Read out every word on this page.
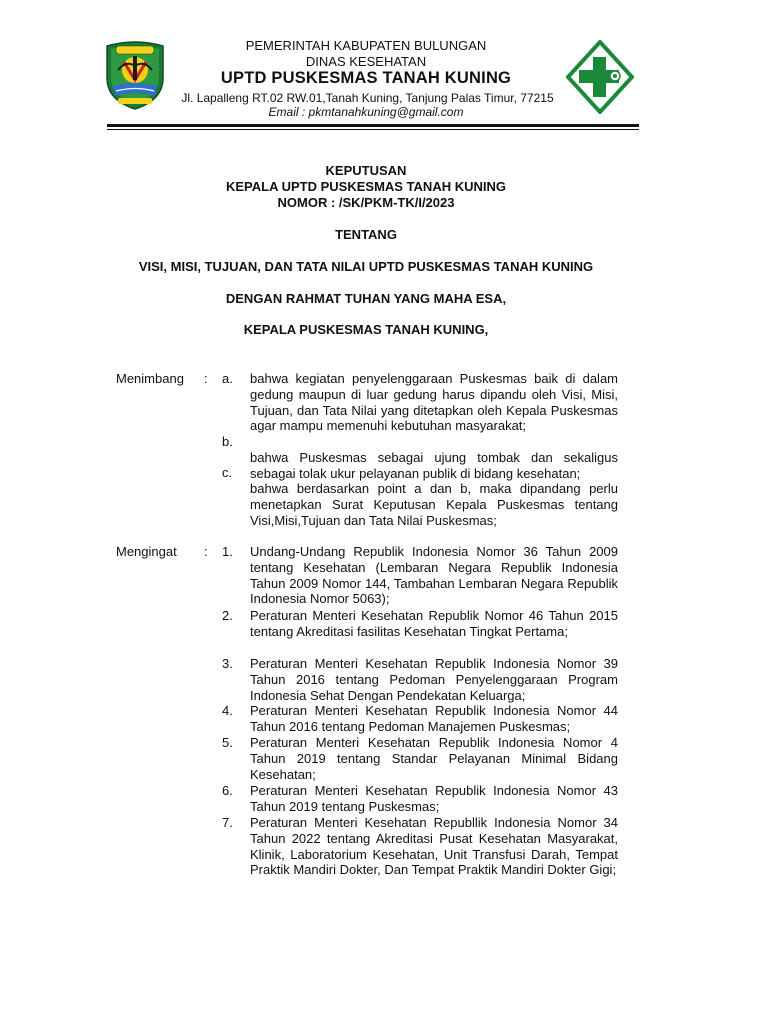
PEMERINTAH KABUPATEN BULUNGAN
DINAS KESEHATAN
UPTD PUSKESMAS TANAH KUNING
Jl. Lapalleng RT.02 RW.01,Tanah Kuning, Tanjung Palas Timur, 77215
Email : pkmtanahkuning@gmail.com
KEPUTUSAN
KEPALA UPTD PUSKESMAS TANAH KUNING
NOMOR : /SK/PKM-TK/I/2023
TENTANG
VISI, MISI, TUJUAN, DAN TATA NILAI UPTD PUSKESMAS TANAH KUNING
DENGAN RAHMAT TUHAN YANG MAHA ESA,
KEPALA PUSKESMAS TANAH KUNING,
Menimbang : a.	bahwa kegiatan penyelenggaraan Puskesmas baik di dalam gedung maupun di luar gedung harus dipandu oleh Visi, Misi, Tujuan, dan Tata Nilai yang ditetapkan oleh Kepala Puskesmas agar mampu memenuhi kebutuhan masyarakat;
b.
bahwa Puskesmas sebagai ujung tombak dan sekaligus sebagai tolak ukur pelayanan publik di bidang kesehatan;
c.
bahwa berdasarkan point a dan b, maka dipandang perlu menetapkan Surat Keputusan Kepala Puskesmas tentang Visi,Misi,Tujuan dan Tata Nilai Puskesmas;
Mengingat : 1.	Undang-Undang Republik Indonesia Nomor 36 Tahun 2009 tentang Kesehatan (Lembaran Negara Republik Indonesia Tahun 2009 Nomor 144, Tambahan Lembaran Negara Republik Indonesia Nomor 5063);
2.	Peraturan Menteri Kesehatan Republik Nomor 46 Tahun 2015 tentang Akreditasi fasilitas Kesehatan Tingkat Pertama;
3.	Peraturan Menteri Kesehatan Republik Indonesia Nomor 39 Tahun 2016 tentang Pedoman Penyelenggaraan Program Indonesia Sehat Dengan Pendekatan Keluarga;
4.	Peraturan Menteri Kesehatan Republik Indonesia Nomor 44 Tahun 2016 tentang Pedoman Manajemen Puskesmas;
5.	Peraturan Menteri Kesehatan Republik Indonesia Nomor 4 Tahun 2019 tentang Standar Pelayanan Minimal Bidang Kesehatan;
6.	Peraturan Menteri Kesehatan Republik Indonesia Nomor 43 Tahun 2019 tentang Puskesmas;
7.	Peraturan Menteri Kesehatan Republlik Indonesia Nomor 34 Tahun 2022 tentang Akreditasi Pusat Kesehatan Masyarakat, Klinik, Laboratorium Kesehatan, Unit Transfusi Darah, Tempat Praktik Mandiri Dokter, Dan Tempat Praktik Mandiri Dokter Gigi;
